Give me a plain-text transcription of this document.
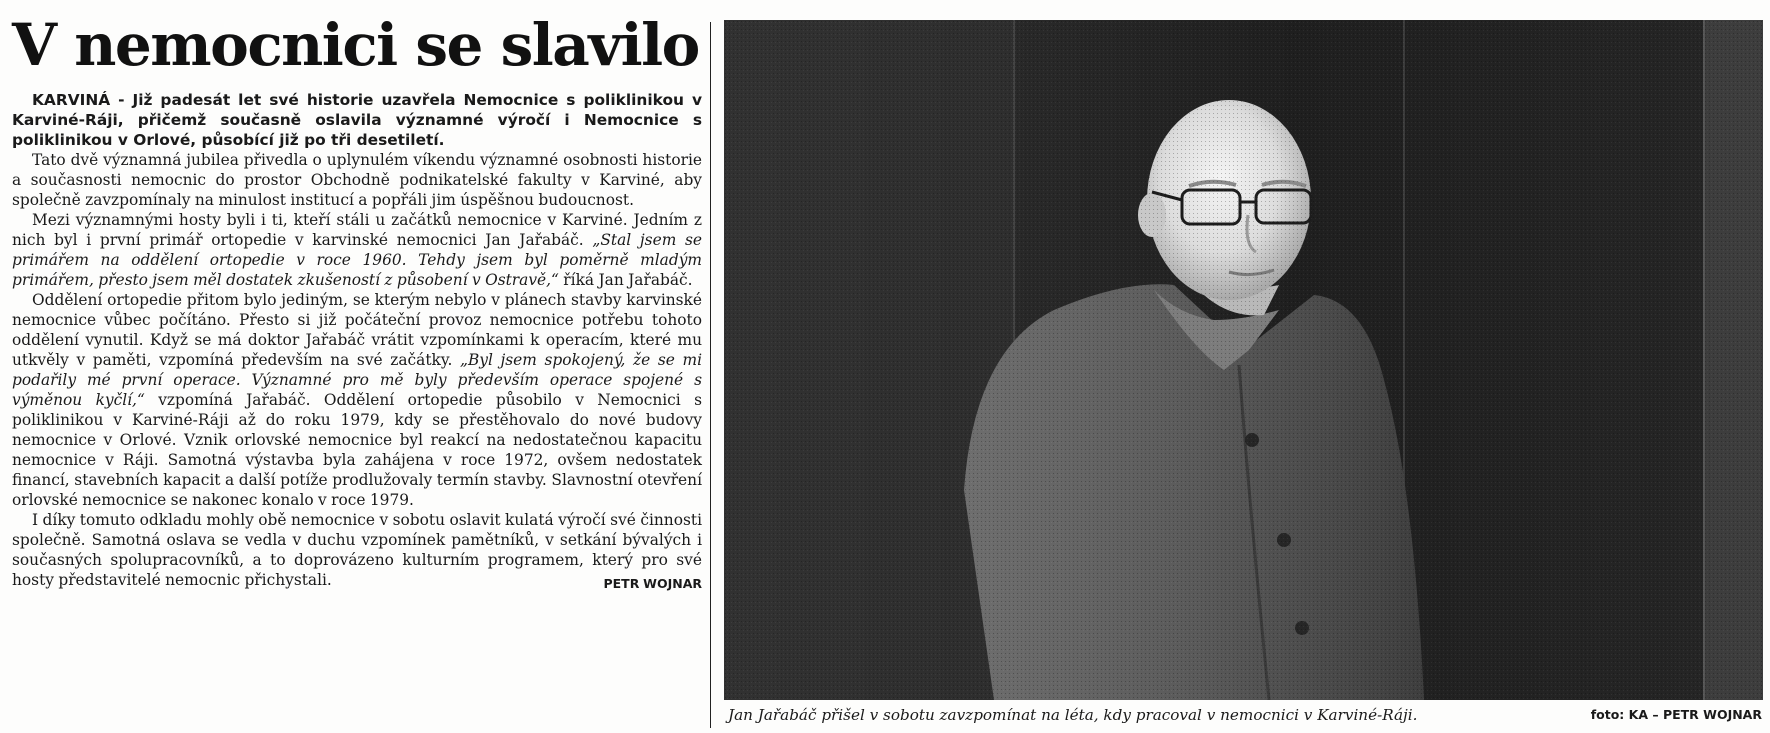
V nemocnici se slavilo

KARVINÁ - Již padesát let své historie uzavřela Nemocnice s poliklinikou v Karviné-Ráji, přičemž současně oslavila významné výročí i Nemocnice s poliklinikou v Orlové, působící již po tři desetiletí.

Tato dvě významná jubilea přivedla o uplynulém víkendu významné osobnosti historie a současnosti nemocnic do prostor Obchodně podnikatelské fakulty v Karviné, aby společně zavzpomínaly na minulost institucí a popřáli jim úspěšnou budoucnost.

Mezi významnými hosty byli i ti, kteří stáli u začátků nemocnice v Karviné. Jedním z nich byl i první primář ortopedie v karvinské nemocnici Jan Jařabáč. „Stal jsem se primářem na oddělení ortopedie v roce 1960. Tehdy jsem byl poměrně mladým primářem, přesto jsem měl dostatek zkušeností z působení v Ostravě,“ říká Jan Jařabáč.

Oddělení ortopedie přitom bylo jediným, se kterým nebylo v plánech stavby karvinské nemocnice vůbec počítáno. Přesto si již počáteční provoz nemocnice potřebu tohoto oddělení vynutil. Když se má doktor Jařabáč vrátit vzpomínkami k operacím, které mu utkvěly v paměti, vzpomíná především na své začátky. „Byl jsem spokojený, že se mi podařily mé první operace. Významné pro mě byly především operace spojené s výměnou kyčlí,“ vzpomíná Jařabáč. Oddělení ortopedie působilo v Nemocnici s poliklinikou v Karviné-Ráji až do roku 1979, kdy se přestěhovalo do nové budovy nemocnice v Orlové. Vznik orlovské nemocnice byl reakcí na nedostatečnou kapacitu nemocnice v Ráji. Samotná výstavba byla zahájena v roce 1972, ovšem nedostatek financí, stavebních kapacit a další potíže prodlužovaly termín stavby. Slavnostní otevření orlovské nemocnice se nakonec konalo v roce 1979.

I díky tomuto odkladu mohly obě nemocnice v sobotu oslavit kulatá výročí své činnosti společně. Samotná oslava se vedla v duchu vzpomínek pamětníků, v setkání bývalých i současných spolupracovníků, a to doprovázeno kulturním programem, který pro své hosty představitelé nemocnic přichystali.	PETR WOJNAR

Jan Jařabáč přišel v sobotu zavzpomínat na léta, kdy pracoval v nemocnici v Karviné-Ráji.	foto: KA – PETR WOJNAR
